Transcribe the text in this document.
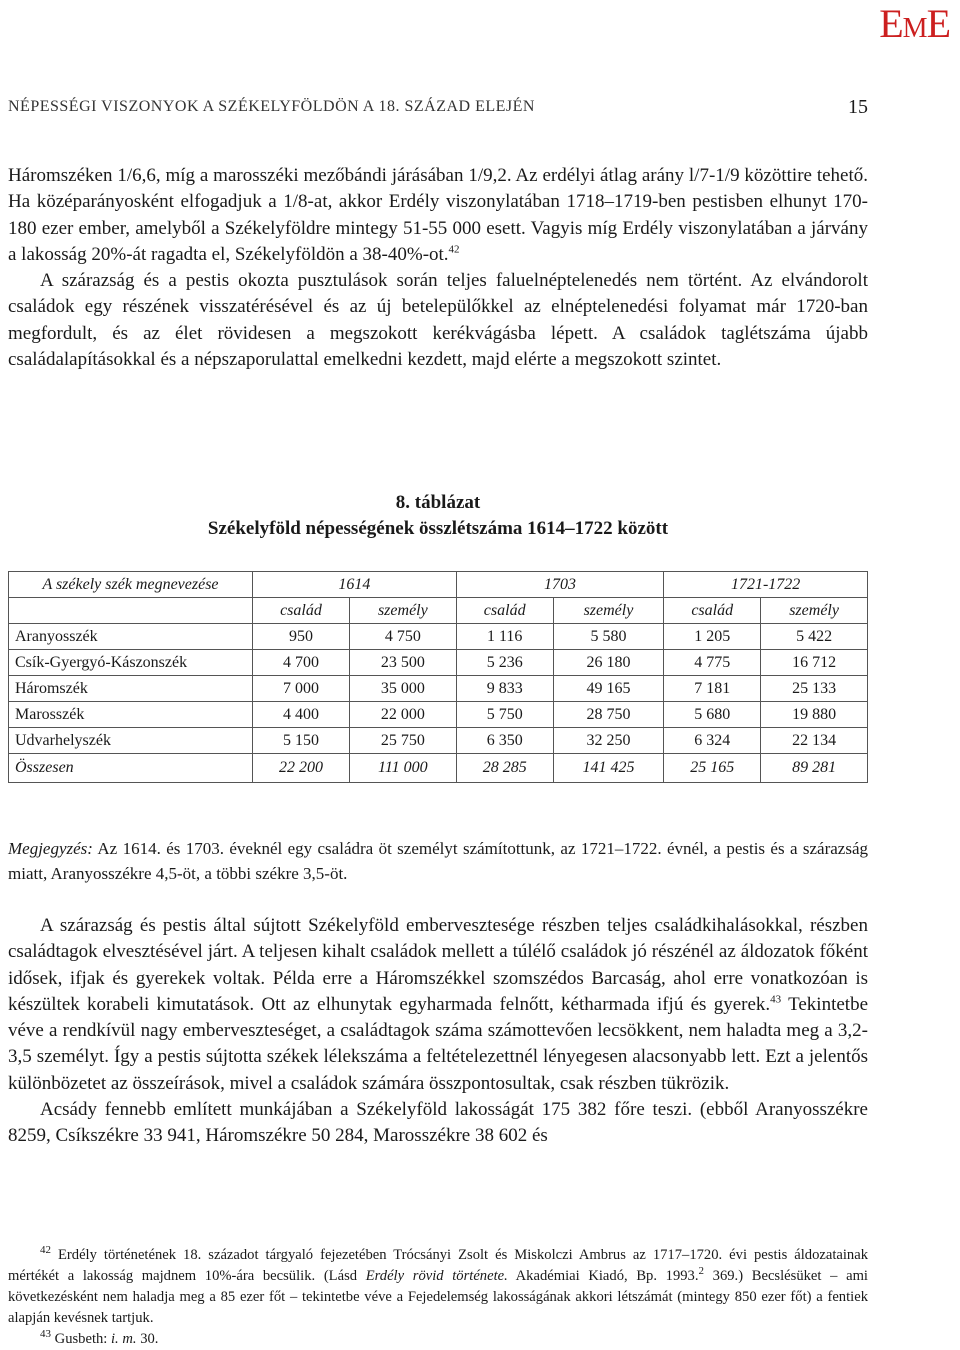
EME
NÉPESSÉGI VISZONYOK A SZÉKELYFÖLDÖN A 18. SZÁZAD ELEJÉN	15

Háromszéken 1/6,6, míg a marosszéki mezőbándi járásában 1/9,2. Az erdélyi átlag arány l/7-1/9 közöttire tehető. Ha középarányosként elfogadjuk a 1/8-at, akkor Erdély viszonylatában 1718–1719-ben pestisben elhunyt 170-180 ezer ember, amelyből a Székelyföldre mintegy 51-55 000 esett. Vagyis míg Erdély viszonylatában a járvány a lakosság 20%-át ragadta el, Székelyföldön a 38-40%-ot.$^{42}$

A szárazság és a pestis okozta pusztulások során teljes faluelnéptelenedés nem történt. Az elvándorolt családok egy részének visszatérésével és az új betelepülőkkel az elnéptelenedési folyamat már 1720-ban megfordult, és az élet rövidesen a megszokott kerékvágásba lépett. A családok taglétszáma újabb családalapításokkal és a népszaporulattal emelkedni kezdett, majd elérte a megszokott szintet.

8. táblázat
Székelyföld népességének összlétszáma 1614–1722 között
A székely szék megnevezése	1614		1703		1721-1722	
	család	személy	család	személy	család	személy
Aranyosszék	950	4 750	1 116	5 580	1 205	5 422
Csík-Gyergyó-Kászonszék	4 700	23 500	5 236	26 180	4 775	16 712
Háromszék	7 000	35 000	9 833	49 165	7 181	25 133
Marosszék	4 400	22 000	5 750	28 750	5 680	19 880
Udvarhelyszék	5 150	25 750	6 350	32 250	6 324	22 134
Összesen	22 200	111 000	28 285	141 425	25 165	89 281
Megjegyzés: Az 1614. és 1703. éveknél egy családra öt személyt számítottunk, az 1721–1722. évnél, a pestis és a szárazság miatt, Aranyosszékre 4,5-öt, a többi székre 3,5-öt.

A szárazság és pestis által sújtott Székelyföld embervesztesége részben teljes családkihalásokkal, részben családtagok elvesztésével járt. A teljesen kihalt családok mellett a túlélő családok jó részénél az áldozatok főként idősek, ifjak és gyerekek voltak. Példa erre a Háromszékkel szomszédos Barcaság, ahol erre vonatkozóan is készültek korabeli kimutatások. Ott az elhunytak egyharmada felnőtt, kétharmada ifjú és gyerek.$^{43}$ Tekintetbe véve a rendkívül nagy emberveszteséget, a családtagok száma számottevően lecsökkent, nem haladta meg a 3,2-3,5 személyt. Így a pestis sújtotta székek lélekszáma a feltételezettnél lényegesen alacsonyabb lett. Ezt a jelentős különbözetet az összeírások, mivel a családok számára összpontosultak, csak részben tükrözik.

Acsády fennebb említett munkájában a Székelyföld lakosságát 175 382 főre teszi. (ebből Aranyosszékre 8259, Csíkszékre 33 941, Háromszékre 50 284, Marosszékre 38 602 és

$^{42}$ Erdély történetének 18. századot tárgyaló fejezetében Trócsányi Zsolt és Miskolczi Ambrus az 1717–1720. évi pestis áldozatainak mértékét a lakosság majdnem 10%-ára becsülik. (Lásd Erdély rövid története. Akadémiai Kiadó, Bp. 1993.$^2$ 369.) Becslésüket – ami következésként nem haladja meg a 85 ezer főt – tekintetbe véve a Fejedelemség lakosságának akkori létszámát (mintegy 850 ezer főt) a fentiek alapján kevésnek tartjuk.

$^{43}$ Gusbeth: i. m. 30.
